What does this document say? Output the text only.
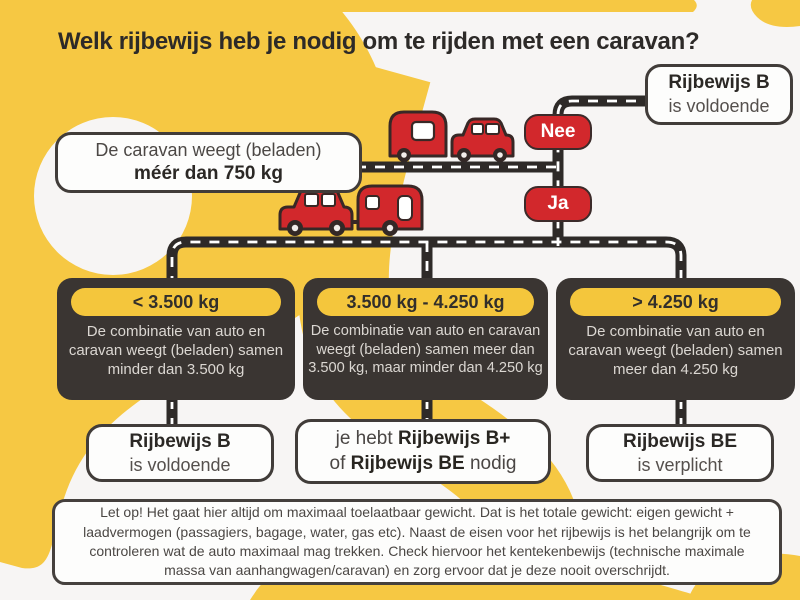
Welk rijbewijs heb je nodig om te rijden met een caravan?
Rijbewijs B
is voldoende
De caravan weegt (beladen)
méér dan 750 kg
Nee
Ja
< 3.500 kg
De combinatie van auto en caravan weegt (beladen) samen minder dan 3.500 kg
3.500 kg - 4.250 kg
De combinatie van auto en caravan weegt (beladen) samen meer dan 3.500 kg, maar minder dan 4.250 kg
> 4.250 kg
De combinatie van auto en caravan weegt (beladen) samen meer dan 4.250 kg
Rijbewijs B
is voldoende
je hebt Rijbewijs B+
of Rijbewijs BE nodig
Rijbewijs BE
is verplicht
Let op! Het gaat hier altijd om maximaal toelaatbaar gewicht. Dat is het totale gewicht: eigen gewicht + laadvermogen (passagiers, bagage, water, gas etc). Naast de eisen voor het rijbewijs is het belangrijk om te controleren wat de auto maximaal mag trekken. Check hiervoor het kentekenbewijs (technische maximale massa van aanhangwagen/caravan) en zorg ervoor dat je deze nooit overschrijdt.
